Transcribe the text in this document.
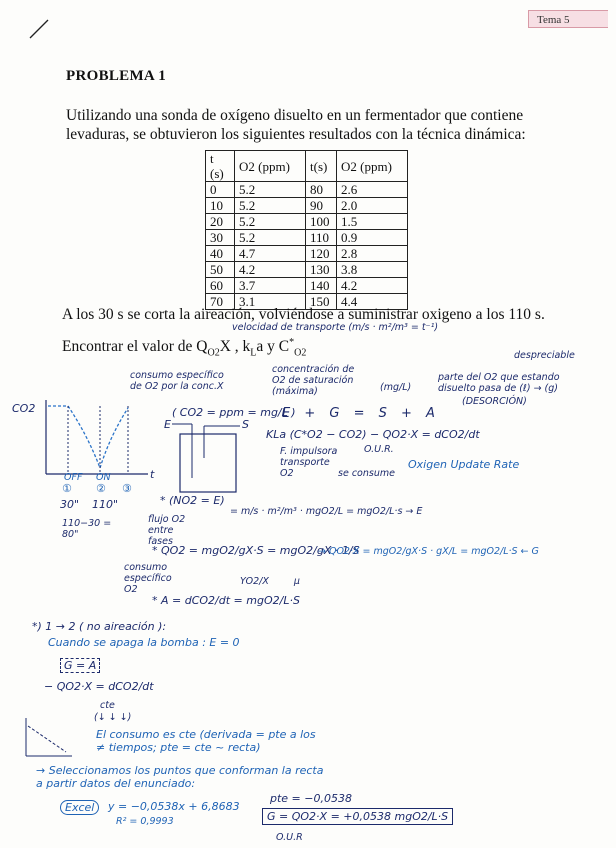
Tema 5
PROBLEMA 1
Utilizando una sonda de oxígeno disuelto en un fermentador que contiene levaduras, se obtuvieron los siguientes resultados con la técnica dinámica:
t (s)	O2 (ppm)	t(s)	O2 (ppm)
0	5.2	80	2.6
10	5.2	90	2.0
20	5.2	100	1.5
30	5.2	110	0.9
40	4.7	120	2.8
50	4.2	130	3.8
60	3.7	140	4.2
70	3.1	150	4.4
A los 30 s se corta la aireación, volviéndose a suministrar oxigeno a los 110 s.
Encontrar el valor de $Q_{O2}X$ , $k_La$ y $C^*_{O2}$
velocidad de transporte (m/s · m²/m³ = t⁻¹)
despreciable
consumo específico de O2 por la conc.X
concentración de O2 de saturación (máxima)	(mg/L)
parte del O2 que estando disuelto pasa de (ℓ) → (g)
(DESORCIÓN)
CO2
t
OFF ON
① ② ③
30" 110"
110−30 = 80"
( CO2 = ppm = mg/L )
E	S
E + G = S + A
KLa (C*O2 − CO2) − QO2·X = dCO2/dt
F. impulsora transporte O2	se consume
O.U.R.
Oxigen Update Rate
* (NO2 = E)
= m/s · m²/m³ · mgO2/L = mgO2/L·s → E
flujo O2 entre fases
* QO2 = mgO2/gX·S = mgO2/gX · 1/S
YO2/X μ
consumo específico O2
→ QO2·X = mgO2/gX·S · gX/L = mgO2/L·S ← G
* A = dCO2/dt = mgO2/L·S
*) 1 → 2 ( no aireación ):
Cuando se apaga la bomba : E = 0
G = A
− QO2·X = dCO2/dt
cte
(↓ ↓ ↓)
El consumo es cte (derivada = pte a los ≠ tiempos; pte = cte ~ recta)
→ Seleccionamos los puntos que conforman la recta a partir datos del enunciado:
Excel	y = −0,0538x + 6,8683
R² = 0,9993
pte = −0,0538
G = QO2·X = +0,0538 mgO2/L·S
O.U.R
